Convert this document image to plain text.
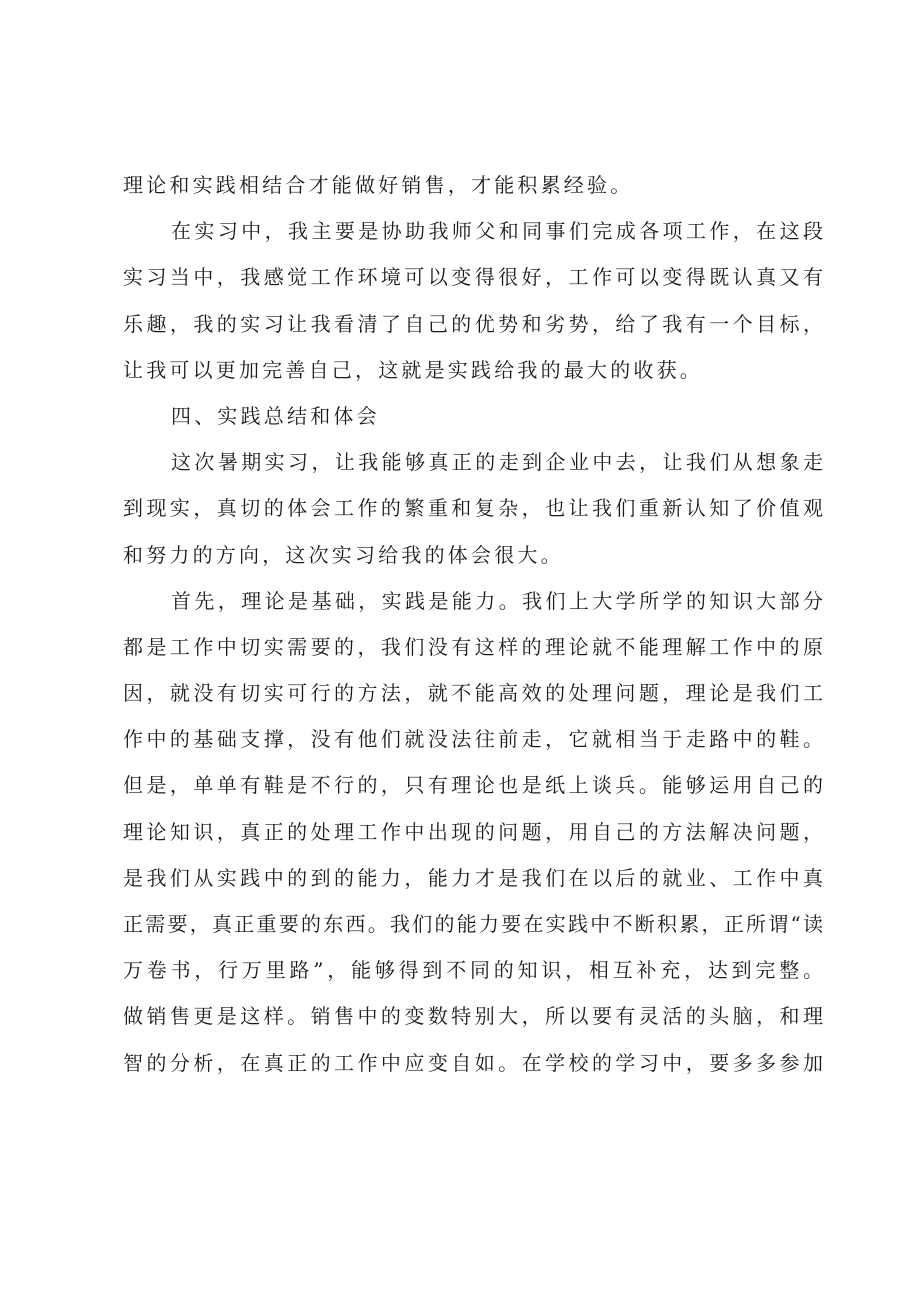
理论和实践相结合才能做好销售，才能积累经验。
在实习中，我主要是协助我师父和同事们完成各项工作，在这段
实习当中，我感觉工作环境可以变得很好，工作可以变得既认真又有
乐趣，我的实习让我看清了自己的优势和劣势，给了我有一个目标，
让我可以更加完善自己，这就是实践给我的最大的收获。
四、实践总结和体会
这次暑期实习，让我能够真正的走到企业中去，让我们从想象走
到现实，真切的体会工作的繁重和复杂，也让我们重新认知了价值观
和努力的方向，这次实习给我的体会很大。
首先，理论是基础，实践是能力。我们上大学所学的知识大部分
都是工作中切实需要的，我们没有这样的理论就不能理解工作中的原
因，就没有切实可行的方法，就不能高效的处理问题，理论是我们工
作中的基础支撑，没有他们就没法往前走，它就相当于走路中的鞋。
但是，单单有鞋是不行的，只有理论也是纸上谈兵。能够运用自己的
理论知识，真正的处理工作中出现的问题，用自己的方法解决问题，
是我们从实践中的到的能力，能力才是我们在以后的就业、工作中真
正需要，真正重要的东西。我们的能力要在实践中不断积累，正所谓“读
万卷书，行万里路”，能够得到不同的知识，相互补充，达到完整。
做销售更是这样。销售中的变数特别大，所以要有灵活的头脑，和理
智的分析，在真正的工作中应变自如。在学校的学习中，要多多参加
